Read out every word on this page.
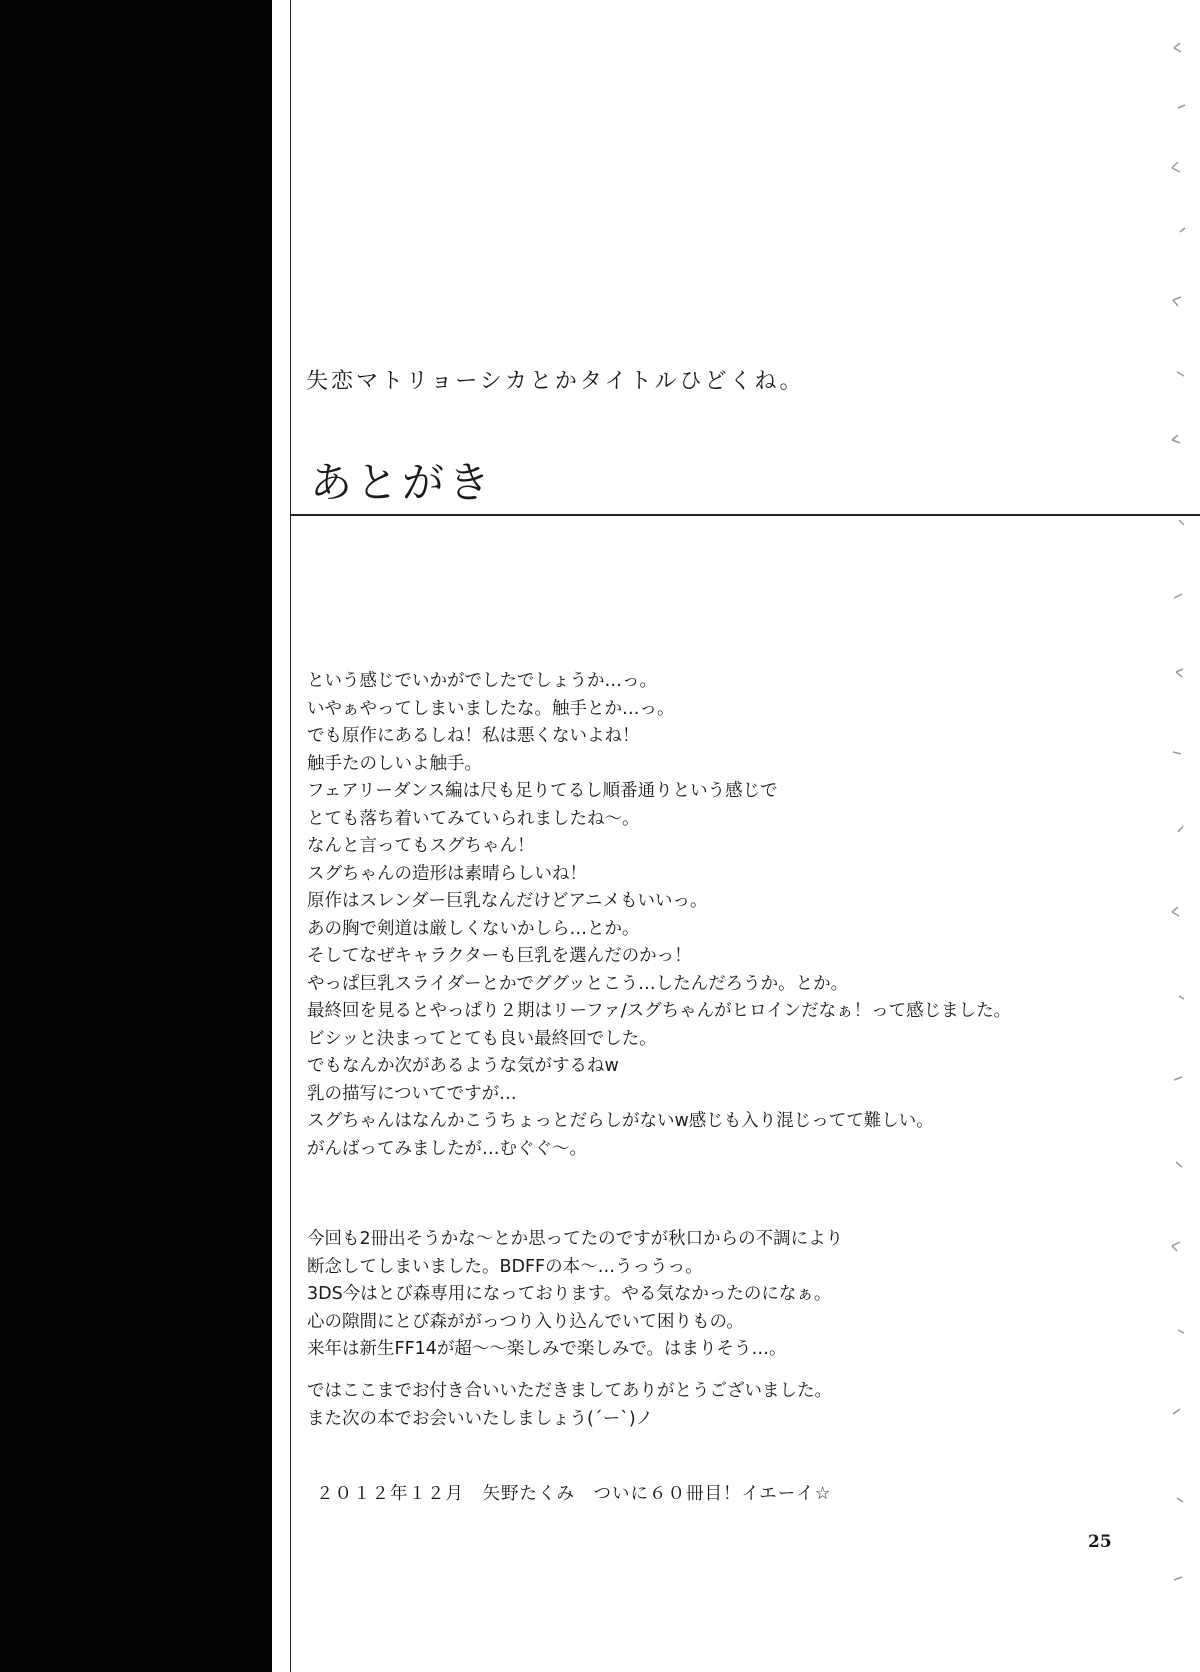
失恋マトリョーシカとかタイトルひどくね。
あとがき
という感じでいかがでしたでしょうか…っ。
いやぁやってしまいましたな。触手とか…っ。
でも原作にあるしね！私は悪くないよね！
触手たのしいよ触手。
フェアリーダンス編は尺も足りてるし順番通りという感じで
とても落ち着いてみていられましたね～。
なんと言ってもスグちゃん！
スグちゃんの造形は素晴らしいね！
原作はスレンダー巨乳なんだけどアニメもいいっ。
あの胸で剣道は厳しくないかしら…とか。
そしてなぜキャラクターも巨乳を選んだのかっ！
やっぱ巨乳スライダーとかでググッとこう…したんだろうか。とか。
最終回を見るとやっぱり２期はリーファ/スグちゃんがヒロインだなぁ！って感じました。
ビシッと決まってとても良い最終回でした。
でもなんか次があるような気がするねw
乳の描写についてですが…
スグちゃんはなんかこうちょっとだらしがないw感じも入り混じってて難しい。
がんばってみましたが…むぐぐ～。
今回も2冊出そうかな～とか思ってたのですが秋口からの不調により
断念してしまいました。BDFFの本～…うっうっ。
3DS今はとび森専用になっております。やる気なかったのになぁ。
心の隙間にとび森ががっつり入り込んでいて困りもの。
来年は新生FF14が超～～楽しみで楽しみで。はまりそう…。
ではここまでお付き合いいただきましてありがとうございました。
また次の本でお会いいたしましょう(´ー`)ノ

２０１２年１２月　矢野たくみ　ついに６０冊目！イエーイ☆

25
